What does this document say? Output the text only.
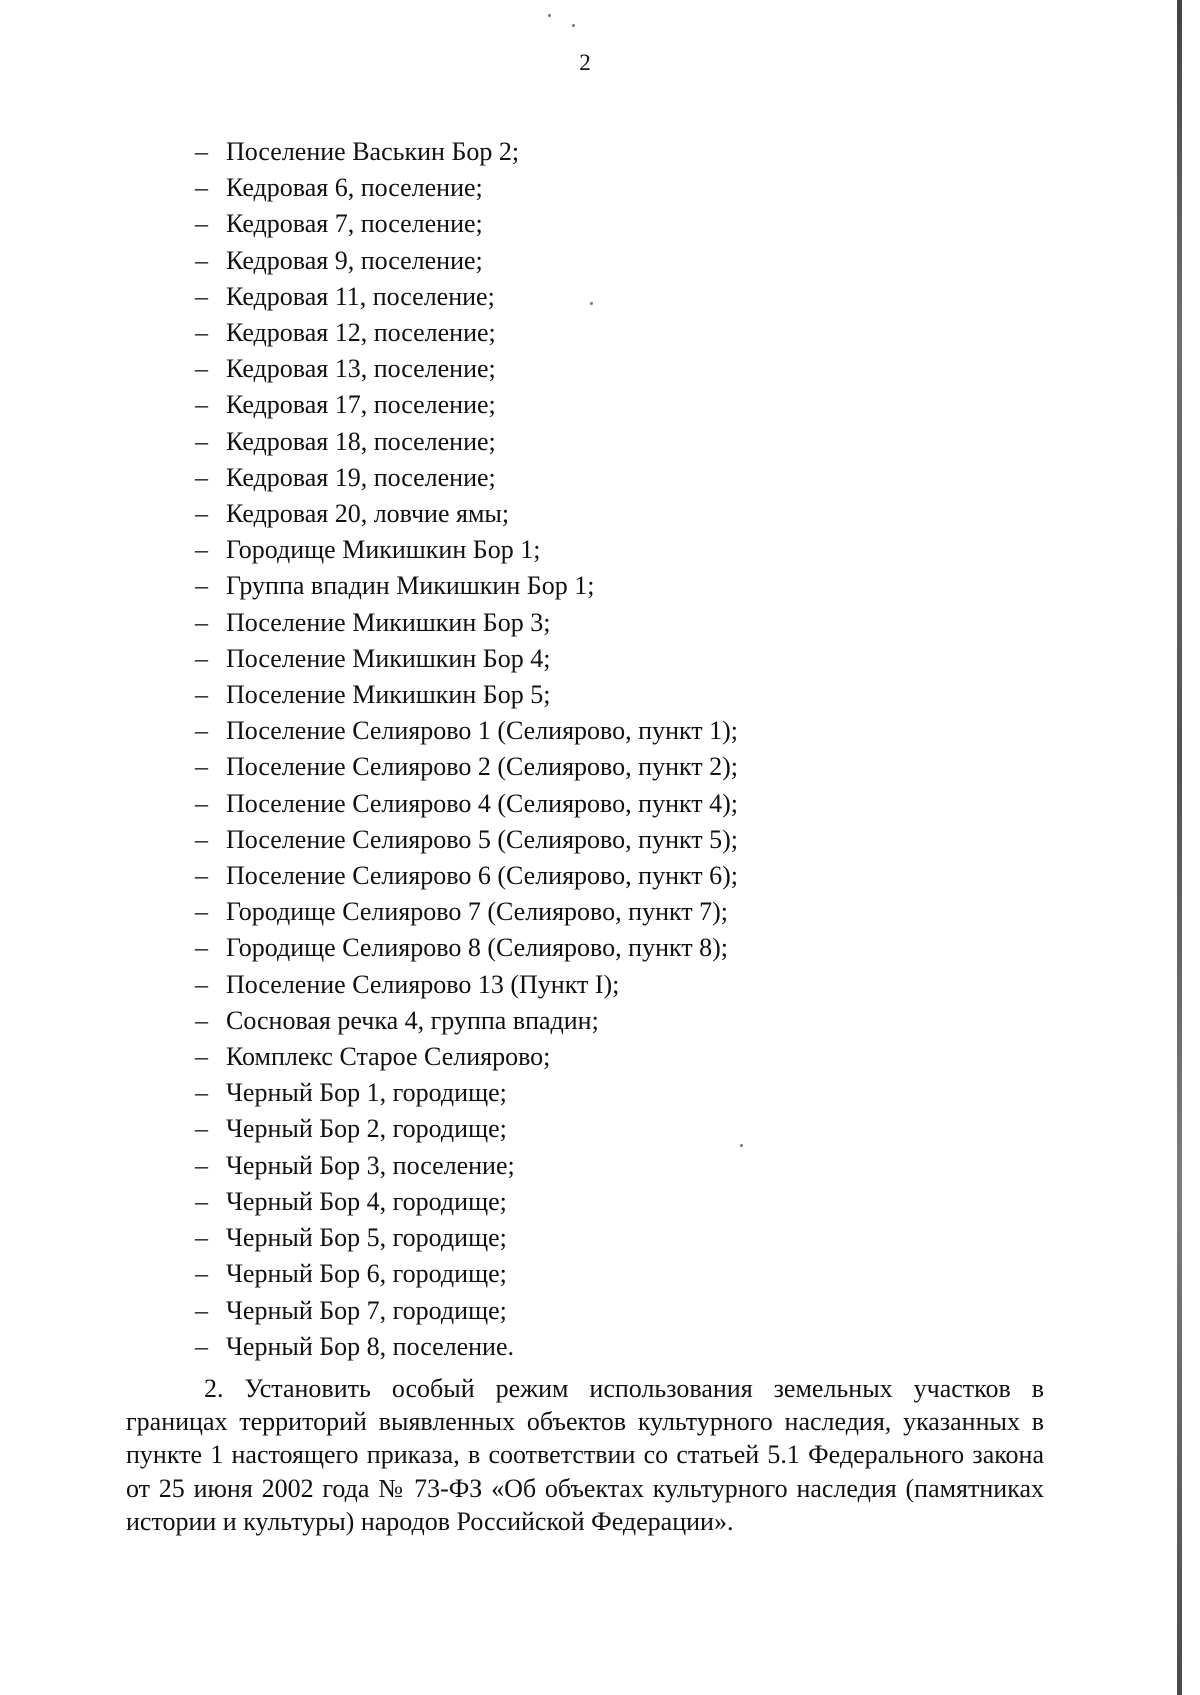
2
– Поселение Васькин Бор 2;
– Кедровая 6, поселение;
– Кедровая 7, поселение;
– Кедровая 9, поселение;
– Кедровая 11, поселение;
– Кедровая 12, поселение;
– Кедровая 13, поселение;
– Кедровая 17, поселение;
– Кедровая 18, поселение;
– Кедровая 19, поселение;
– Кедровая 20, ловчие ямы;
– Городище Микишкин Бор 1;
– Группа впадин Микишкин Бор 1;
– Поселение Микишкин Бор 3;
– Поселение Микишкин Бор 4;
– Поселение Микишкин Бор 5;
– Поселение Селиярово 1 (Селиярово, пункт 1);
– Поселение Селиярово 2 (Селиярово, пункт 2);
– Поселение Селиярово 4 (Селиярово, пункт 4);
– Поселение Селиярово 5 (Селиярово, пункт 5);
– Поселение Селиярово 6 (Селиярово, пункт 6);
– Городище Селиярово 7 (Селиярово, пункт 7);
– Городище Селиярово 8 (Селиярово, пункт 8);
– Поселение Селиярово 13 (Пункт I);
– Сосновая речка 4, группа впадин;
– Комплекс Старое Селиярово;
– Черный Бор 1, городище;
– Черный Бор 2, городище;
– Черный Бор 3, поселение;
– Черный Бор 4, городище;
– Черный Бор 5, городище;
– Черный Бор 6, городище;
– Черный Бор 7, городище;
– Черный Бор 8, поселение.

2. Установить особый режим использования земельных участков в границах территорий выявленных объектов культурного наследия, указанных в пункте 1 настоящего приказа, в соответствии со статьей 5.1 Федерального закона от 25 июня 2002 года № 73-ФЗ «Об объектах культурного наследия (памятниках истории и культуры) народов Российской Федерации».
